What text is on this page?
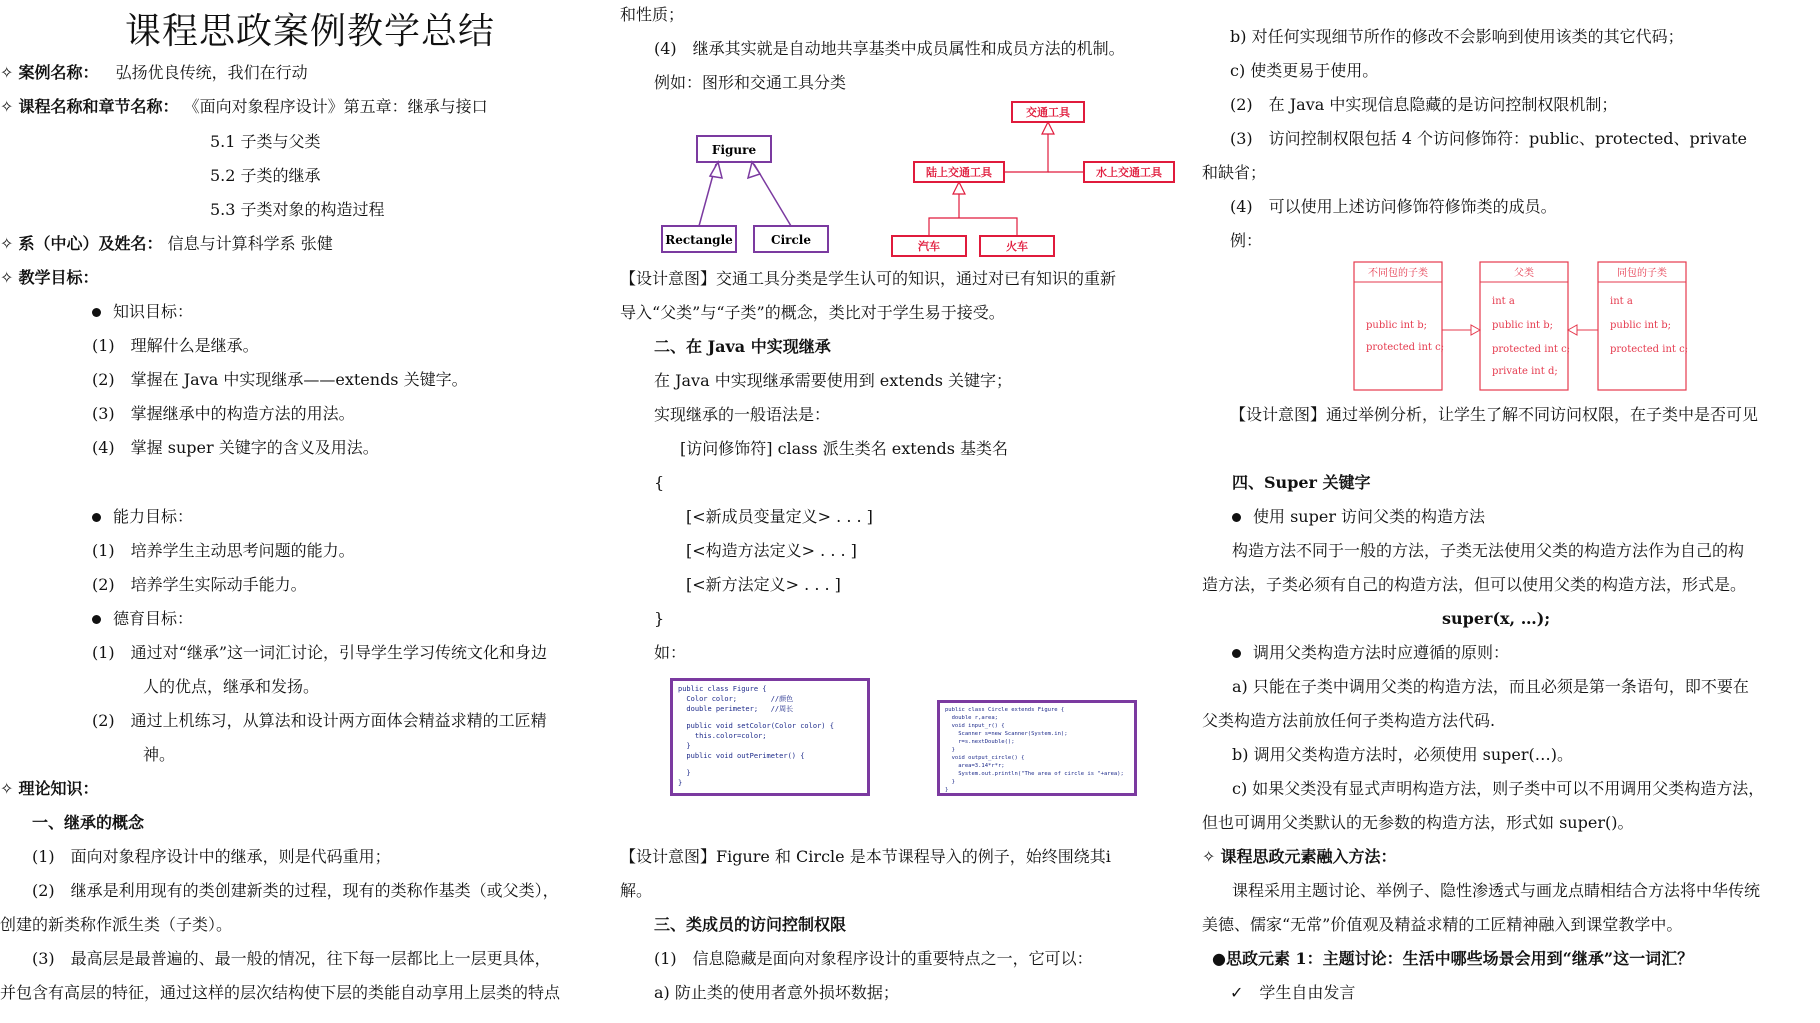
课程思政案例教学总结
✧ 案例名称： 弘扬优良传统，我们在行动
✧ 课程名称和章节名称： 《面向对象程序设计》第五章：继承与接口
5.1 子类与父类
5.2 子类的继承
5.3 子类对象的构造过程
✧ 系（中心）及姓名： 信息与计算科学系 张健
✧ 教学目标：
知识目标：
(1)　理解什么是继承。
(2)　掌握在 Java 中实现继承——extends 关键字。
(3)　掌握继承中的构造方法的用法。
(4)　掌握 super 关键字的含义及用法。
能力目标：
(1)　培养学生主动思考问题的能力。
(2)　培养学生实际动手能力。
德育目标：
(1)　通过对“继承”这一词汇讨论，引导学生学习传统文化和身边
人的优点，继承和发扬。
(2)　通过上机练习，从算法和设计两方面体会精益求精的工匠精
神。
✧ 理论知识：
一、继承的概念
(1)　面向对象程序设计中的继承，则是代码重用；
(2)　继承是利用现有的类创建新类的过程，现有的类称作基类（或父类），
创建的新类称作派生类（子类）。
(3)　最高层是最普遍的、最一般的情况，往下每一层都比上一层更具体，
并包含有高层的特征，通过这样的层次结构使下层的类能自动享用上层类的特点
和性质；
(4)　继承其实就是自动地共享基类中成员属性和成员方法的机制。
例如：图形和交通工具分类
Figure
Rectangle	Circle
交通工具
陆上交通工具	水上交通工具
汽车	火车
【设计意图】交通工具分类是学生认可的知识，通过对已有知识的重新
导入“父类”与“子类”的概念，类比对于学生易于接受。
二、在 Java 中实现继承
在 Java 中实现继承需要使用到 extends 关键字；
实现继承的一般语法是：
[访问修饰符] class 派生类名 extends 基类名
{
[<新成员变量定义> . . . ]
[<构造方法定义> . . . ]
[<新方法定义> . . . ]
}
如：
public class Figure {
Color color;        //颜色
double perimeter;   //周长
public void setColor(Color color) {
this.color=color;
}
public void outPerimeter() {
}
}
public class Circle extends Figure {
double r,area;
void input_r() {
Scanner s=new Scanner(System.in);
r=s.nextDouble();
}
void output_circle() {
area=3.14*r*r;
System.out.println("The area of circle is "+area);
}
}
【设计意图】Figure 和 Circle 是本节课程导入的例子，始终围绕其i
解。
三、类成员的访问控制权限
(1)　信息隐藏是面向对象程序设计的重要特点之一，它可以：
a) 防止类的使用者意外损坏数据；
b) 对任何实现细节所作的修改不会影响到使用该类的其它代码；
c) 使类更易于使用。
(2)　在 Java 中实现信息隐藏的是访问控制权限机制；
(3)　访问控制权限包括 4 个访问修饰符：public、protected、private
和缺省；
(4)　可以使用上述访问修饰符修饰类的成员。
例：
不同包的子类
public int b;
protected int c;
父类
int a
public int b;
protected int c;
private int d;
同包的子类
int a
public int b;
protected int c;
【设计意图】通过举例分析，让学生了解不同访问权限，在子类中是否可见
四、Super 关键字
使用 super 访问父类的构造方法
构造方法不同于一般的方法，子类无法使用父类的构造方法作为自己的构
造方法，子类必须有自己的构造方法，但可以使用父类的构造方法，形式是。
super(x, …);
调用父类构造方法时应遵循的原则：
a) 只能在子类中调用父类的构造方法，而且必须是第一条语句，即不要在
父类构造方法前放任何子类构造方法代码.
b) 调用父类构造方法时，必须使用 super(…)。
c) 如果父类没有显式声明构造方法，则子类中可以不用调用父类构造方法，
但也可调用父类默认的无参数的构造方法，形式如 super()。
✧ 课程思政元素融入方法：
课程采用主题讨论、举例子、隐性渗透式与画龙点睛相结合方法将中华传统
美德、儒家“无常”价值观及精益求精的工匠精神融入到课堂教学中。
●思政元素 1：主题讨论：生活中哪些场景会用到“继承”这一词汇？
✓ 学生自由发言
